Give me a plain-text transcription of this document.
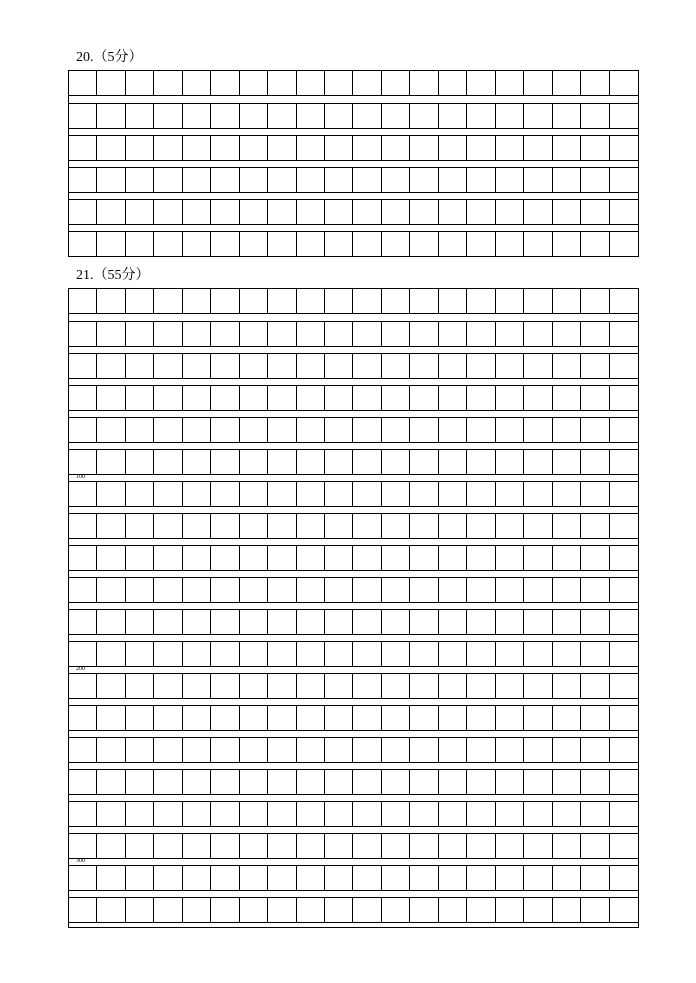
20.（5分）
21.（55分）
100
200
300
